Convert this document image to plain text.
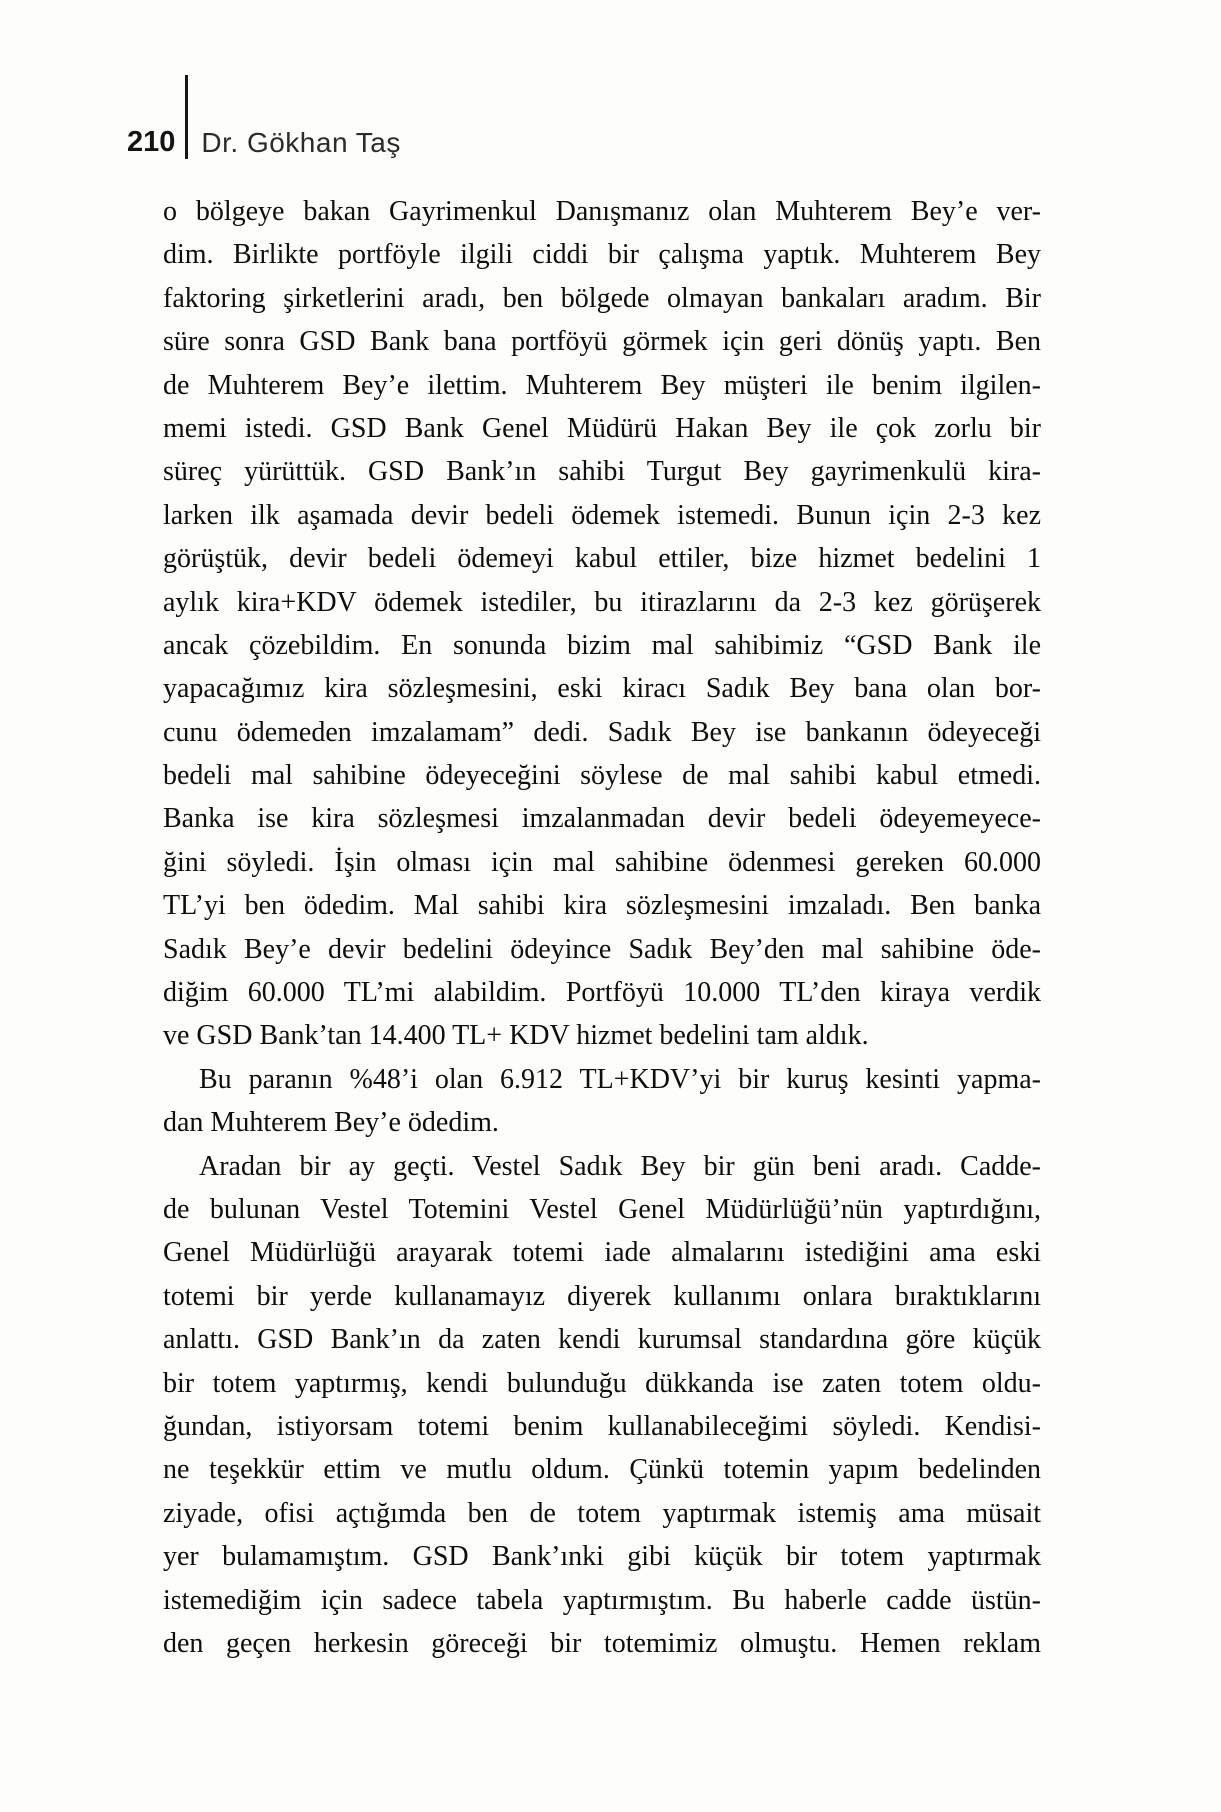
210 Dr. Gökhan Taş
o bölgeye bakan Gayrimenkul Danışmanız olan Muhterem Bey’e ver-
dim. Birlikte portföyle ilgili ciddi bir çalışma yaptık. Muhterem Bey
faktoring şirketlerini aradı, ben bölgede olmayan bankaları aradım. Bir
süre sonra GSD Bank bana portföyü görmek için geri dönüş yaptı. Ben
de Muhterem Bey’e ilettim. Muhterem Bey müşteri ile benim ilgilen-
memi istedi. GSD Bank Genel Müdürü Hakan Bey ile çok zorlu bir
süreç yürüttük. GSD Bank’ın sahibi Turgut Bey gayrimenkulü kira-
larken ilk aşamada devir bedeli ödemek istemedi. Bunun için 2-3 kez
görüştük, devir bedeli ödemeyi kabul ettiler, bize hizmet bedelini 1
aylık kira+KDV ödemek istediler, bu itirazlarını da 2-3 kez görüşerek
ancak çözebildim. En sonunda bizim mal sahibimiz “GSD Bank ile
yapacağımız kira sözleşmesini, eski kiracı Sadık Bey bana olan bor-
cunu ödemeden imzalamam” dedi. Sadık Bey ise bankanın ödeyeceği
bedeli mal sahibine ödeyeceğini söylese de mal sahibi kabul etmedi.
Banka ise kira sözleşmesi imzalanmadan devir bedeli ödeyemeyece-
ğini söyledi. İşin olması için mal sahibine ödenmesi gereken 60.000
TL’yi ben ödedim. Mal sahibi kira sözleşmesini imzaladı. Ben banka
Sadık Bey’e devir bedelini ödeyince Sadık Bey’den mal sahibine öde-
diğim 60.000 TL’mi alabildim. Portföyü 10.000 TL’den kiraya verdik
ve GSD Bank’tan 14.400 TL+ KDV hizmet bedelini tam aldık.
Bu paranın %48’i olan 6.912 TL+KDV’yi bir kuruş kesinti yapma-
dan Muhterem Bey’e ödedim.
Aradan bir ay geçti. Vestel Sadık Bey bir gün beni aradı. Cadde-
de bulunan Vestel Totemini Vestel Genel Müdürlüğü’nün yaptırdığını,
Genel Müdürlüğü arayarak totemi iade almalarını istediğini ama eski
totemi bir yerde kullanamayız diyerek kullanımı onlara bıraktıklarını
anlattı. GSD Bank’ın da zaten kendi kurumsal standardına göre küçük
bir totem yaptırmış, kendi bulunduğu dükkanda ise zaten totem oldu-
ğundan, istiyorsam totemi benim kullanabileceğimi söyledi. Kendisi-
ne teşekkür ettim ve mutlu oldum. Çünkü totemin yapım bedelinden
ziyade, ofisi açtığımda ben de totem yaptırmak istemiş ama müsait
yer bulamamıştım. GSD Bank’ınki gibi küçük bir totem yaptırmak
istemediğim için sadece tabela yaptırmıştım. Bu haberle cadde üstün-
den geçen herkesin göreceği bir totemimiz olmuştu. Hemen reklam
